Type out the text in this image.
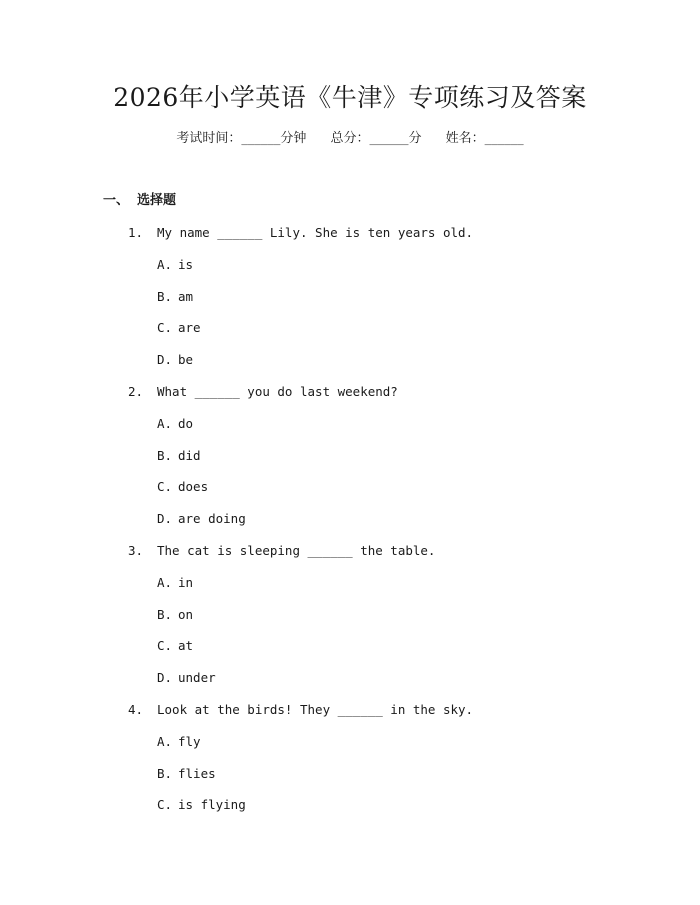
2026年小学英语《牛津》专项练习及答案
考试时间：______分钟 总分：______分 姓名：______
一、 选择题
1. My name ______ Lily. She is ten years old.
A. is
B. am
C. are
D. be
2. What ______ you do last weekend?
A. do
B. did
C. does
D. are doing
3. The cat is sleeping ______ the table.
A. in
B. on
C. at
D. under
4. Look at the birds! They ______ in the sky.
A. fly
B. flies
C. is flying
